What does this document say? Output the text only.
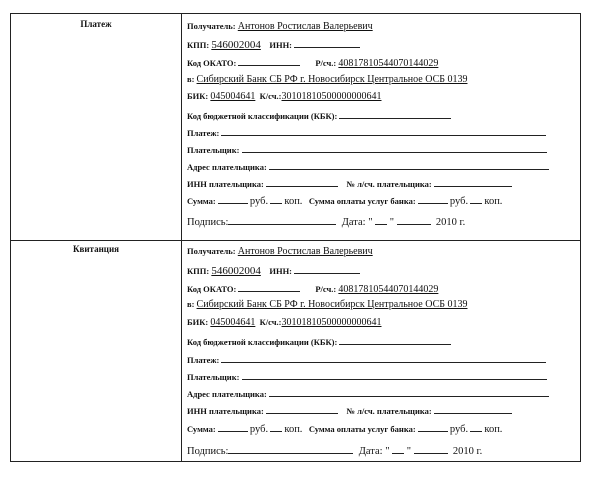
Платеж	Получатель: Антонов Ростислав Валерьевич
КПП: 546002004 ИНН:
Код ОКАТО:	Р/сч.: 40817810544070144029
в: Сибирский Банк СБ РФ г. Новосибирск Центральное ОСБ 0139
БИК: 045004641 К/сч.:30101810500000000641
Код бюджетной классификации (КБК):
Платеж:
Плательщик:
Адрес плательщика:
ИНН плательщика:	№ л/сч. плательщика:
Сумма:	руб. коп. Сумма оплаты услуг банка:	руб. коп.
Подпись:	Дата: " "	2010 г.
Квитанция	Получатель: Антонов Ростислав Валерьевич
КПП: 546002004 ИНН:
Код ОКАТО:	Р/сч.: 40817810544070144029
в: Сибирский Банк СБ РФ г. Новосибирск Центральное ОСБ 0139
БИК: 045004641 К/сч.:30101810500000000641
Код бюджетной классификации (КБК):
Платеж:
Плательщик:
Адрес плательщика:
ИНН плательщика:	№ л/сч. плательщика:
Сумма:	руб. коп. Сумма оплаты услуг банка:	руб. коп.
Подпись:	Дата: " "	2010 г.
